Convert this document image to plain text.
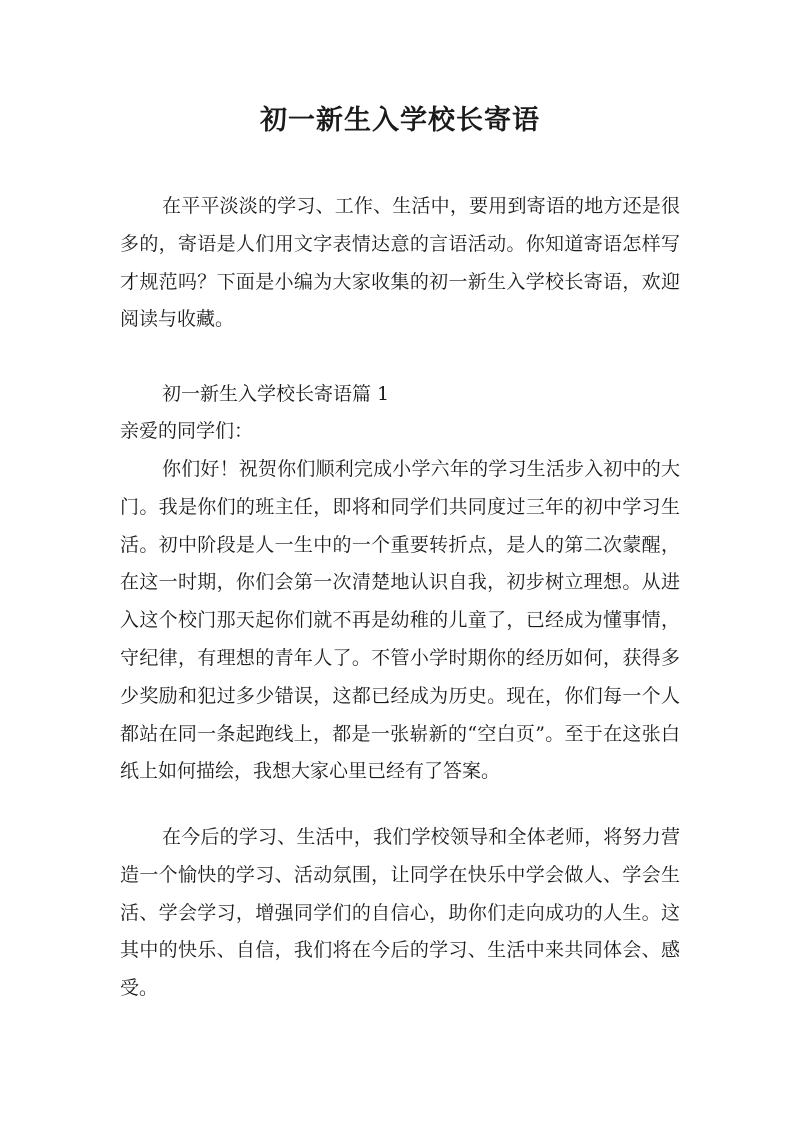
初一新生入学校长寄语

在平平淡淡的学习、工作、生活中，要用到寄语的地方还是很多的，寄语是人们用文字表情达意的言语活动。你知道寄语怎样写才规范吗？下面是小编为大家收集的初一新生入学校长寄语，欢迎阅读与收藏。

初一新生入学校长寄语篇 1

亲爱的同学们：

你们好！祝贺你们顺利完成小学六年的学习生活步入初中的大门。我是你们的班主任，即将和同学们共同度过三年的初中学习生活。初中阶段是人一生中的一个重要转折点，是人的第二次蒙醒，在这一时期，你们会第一次清楚地认识自我，初步树立理想。从进入这个校门那天起你们就不再是幼稚的儿童了，已经成为懂事情，守纪律，有理想的青年人了。不管小学时期你的经历如何，获得多少奖励和犯过多少错误，这都已经成为历史。现在，你们每一个人都站在同一条起跑线上，都是一张崭新的“空白页”。至于在这张白纸上如何描绘，我想大家心里已经有了答案。

在今后的学习、生活中，我们学校领导和全体老师，将努力营造一个愉快的学习、活动氛围，让同学在快乐中学会做人、学会生活、学会学习，增强同学们的自信心，助你们走向成功的人生。这其中的快乐、自信，我们将在今后的学习、生活中来共同体会、感受。
